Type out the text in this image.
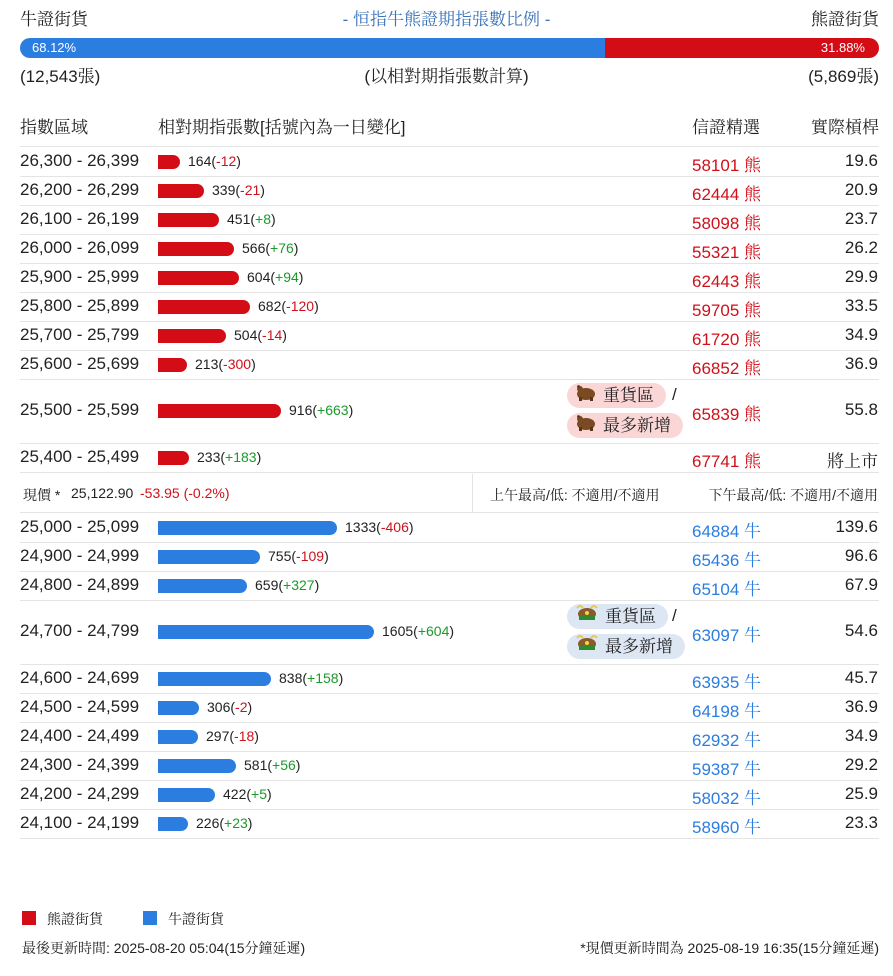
牛證街貨	- 恒指牛熊證期指張數比例 -	熊證街貨
68.12%	31.88%
(12,543張)	(以相對期指張數計算)	(5,869張)
指數區域	相對期指張數[括號內為一日變化]	信證精選	實際槓桿
現價 * 25,122.90 -53.95 (-0.2%)	上午最高/低: 不適用/不適用	下午最高/低: 不適用/不適用
熊證街貨	牛證街貨
最後更新時間: 2025-08-20 05:04(15分鐘延遲)	*現價更新時間為 2025-08-19 16:35(15分鐘延遲)
26,300 - 26,399	164(-12)	58101 熊	19.6
26,200 - 26,299	339(-21)	62444 熊	20.9
26,100 - 26,199	451(+8)	58098 熊	23.7
26,000 - 26,099	566(+76)	55321 熊	26.2
25,900 - 25,999	604(+94)	62443 熊	29.9
25,800 - 25,899	682(-120)	59705 熊	33.5
25,700 - 25,799	504(-14)	61720 熊	34.9
25,600 - 25,699	213(-300)	66852 熊	36.9
25,500 - 25,599	916(+663)	65839 熊	55.8
重貨區
最多新增
/
25,400 - 25,499	233(+183)	67741 熊	將上市
25,000 - 25,099	1333(-406)	64884 牛	139.6
24,900 - 24,999	755(-109)	65436 牛	96.6
24,800 - 24,899	659(+327)	65104 牛	67.9
24,700 - 24,799	1605(+604)	63097 牛	54.6
重貨區
最多新增
/
24,600 - 24,699	838(+158)	63935 牛	45.7
24,500 - 24,599	306(-2)	64198 牛	36.9
24,400 - 24,499	297(-18)	62932 牛	34.9
24,300 - 24,399	581(+56)	59387 牛	29.2
24,200 - 24,299	422(+5)	58032 牛	25.9
24,100 - 24,199	226(+23)	58960 牛	23.3
